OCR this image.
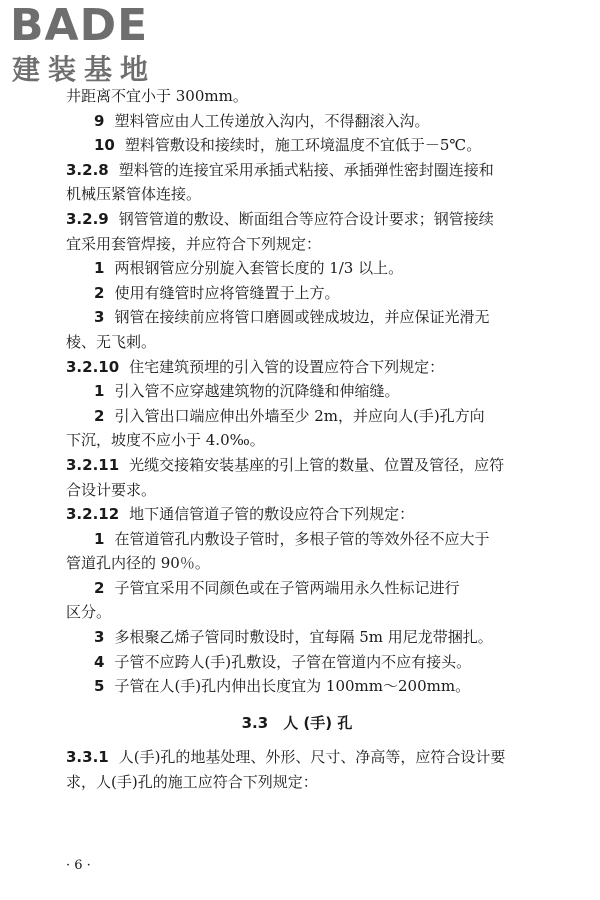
BADE
建装基地

井距离不宜小于 300mm。

9 塑料管应由人工传递放入沟内，不得翻滚入沟。

10 塑料管敷设和接续时，施工环境温度不宜低于－5℃。

3.2.8 塑料管的连接宜采用承插式粘接、承插弹性密封圈连接和

机械压紧管体连接。

3.2.9 钢管管道的敷设、断面组合等应符合设计要求；钢管接续

宜采用套管焊接，并应符合下列规定：

1 两根钢管应分别旋入套管长度的 1/3 以上。

2 使用有缝管时应将管缝置于上方。

3 钢管在接续前应将管口磨圆或锉成坡边，并应保证光滑无

棱、无飞刺。

3.2.10 住宅建筑预埋的引入管的设置应符合下列规定：

1 引入管不应穿越建筑物的沉降缝和伸缩缝。

2 引入管出口端应伸出外墙至少 2m，并应向人(手)孔方向

下沉，坡度不应小于 4.0‰。

3.2.11 光缆交接箱安装基座的引上管的数量、位置及管径，应符

合设计要求。

3.2.12 地下通信管道子管的敷设应符合下列规定：

1 在管道管孔内敷设子管时，多根子管的等效外径不应大于

管道孔内径的 90％。

2 子管宜采用不同颜色或在子管两端用永久性标记进行

区分。

3 多根聚乙烯子管同时敷设时，宜每隔 5m 用尼龙带捆扎。

4 子管不应跨人(手)孔敷设，子管在管道内不应有接头。

5 子管在人(手)孔内伸出长度宜为 100mm～200mm。

3.3　人 (手) 孔

3.3.1 人(手)孔的地基处理、外形、尺寸、净高等，应符合设计要

求，人(手)孔的施工应符合下列规定：

· 6 ·
